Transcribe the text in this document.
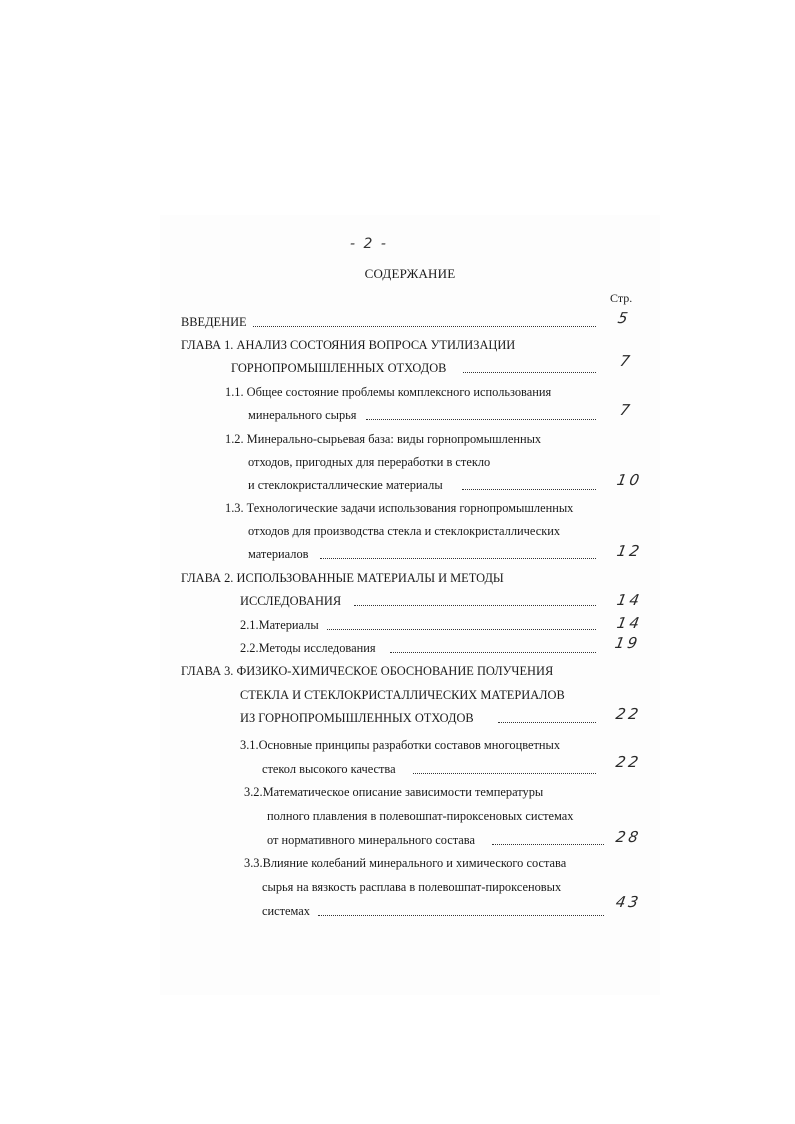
- 2 -
СОДЕРЖАНИЕ
Стр.
ВВЕДЕНИЕ	5
ГЛАВА 1. АНАЛИЗ СОСТОЯНИЯ ВОПРОСА УТИЛИЗАЦИИ
ГОРНОПРОМЫШЛЕННЫХ ОТХОДОВ	7
1.1. Общее состояние проблемы комплексного использования
минерального сырья	7
1.2. Минерально-сырьевая база: виды горнопромышленных
отходов, пригодных для переработки в стекло
и стеклокристаллические материалы	10
1.3. Технологические задачи использования горнопромышленных
отходов для производства стекла и стеклокристаллических
материалов	12
ГЛАВА 2. ИСПОЛЬЗОВАННЫЕ МАТЕРИАЛЫ И МЕТОДЫ
ИССЛЕДОВАНИЯ	14
2.1.Материалы	14
2.2.Методы исследования	19
ГЛАВА 3. ФИЗИКО-ХИМИЧЕСКОЕ ОБОСНОВАНИЕ ПОЛУЧЕНИЯ
СТЕКЛА И СТЕКЛОКРИСТАЛЛИЧЕСКИХ МАТЕРИАЛОВ
ИЗ ГОРНОПРОМЫШЛЕННЫХ ОТХОДОВ	22
3.1.Основные принципы разработки составов многоцветных
стекол высокого качества	22
3.2.Математическое описание зависимости температуры
полного плавления в полевошпат-пироксеновых системах
от нормативного минерального состава	28
3.3.Влияние колебаний минерального и химического состава
сырья на вязкость расплава в полевошпат-пироксеновых
системах	43
